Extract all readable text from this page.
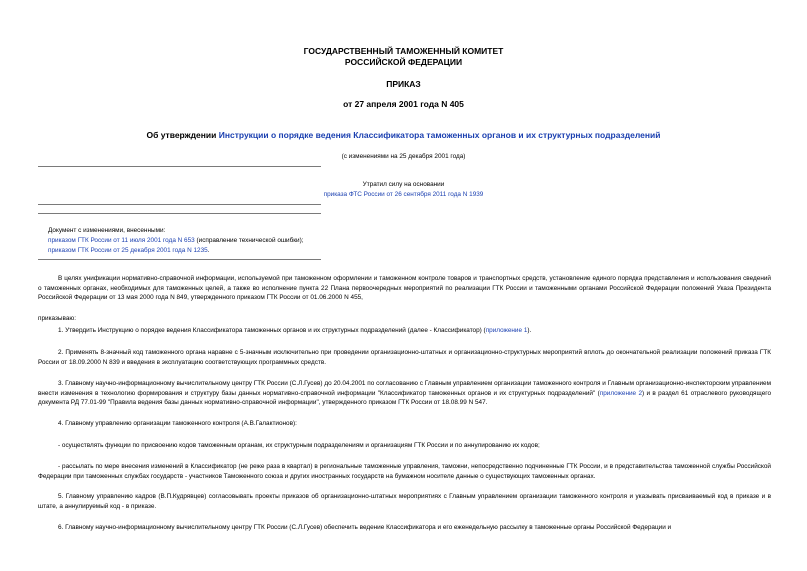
ГОСУДАРСТВЕННЫЙ ТАМОЖЕННЫЙ КОМИТЕТ
РОССИЙСКОЙ ФЕДЕРАЦИИ
ПРИКАЗ
от 27 апреля 2001 года N 405
Об утверждении Инструкции о порядке ведения Классификатора таможенных органов и их структурных подразделений
(с изменениями на 25 декабря 2001 года)
Утратил силу на основании
приказа ФТС России от 26 сентября 2011 года N 1939
Документ с изменениями, внесенными:
приказом ГТК России от 11 июля 2001 года N 653 (исправление технической ошибки);
приказом ГТК России от 25 декабря 2001 года N 1235.
В целях унификации нормативно-справочной информации, используемой при таможенном оформлении и таможенном контроле товаров и транспортных средств, установление единого порядка представления и использования сведений о таможенных органах, необходимых для таможенных целей, а также во исполнение пункта 22 Плана первоочередных мероприятий по реализации ГТК России и таможенными органами Российской Федерации положений Указа Президента Российской Федерации от 13 мая 2000 года N 849, утвержденного приказом ГТК России от 01.06.2000 N 455,
приказываю:
1. Утвердить Инструкцию о порядке ведения Классификатора таможенных органов и их структурных подразделений (далее - Классификатор) (приложение 1).
2. Применять 8-значный код таможенного органа наравне с 5-значным исключительно при проведении организационно-штатных и организационно-структурных мероприятий вплоть до окончательной реализации положений приказа ГТК России от 18.09.2000 N 839 и введения в эксплуатацию соответствующих программных средств.
3. Главному научно-информационному вычислительному центру ГТК России (С.Л.Гусев) до 20.04.2001 по согласованию с Главным управлением организации таможенного контроля и Главным организационно-инспекторским управлением внести изменения в технологию формирования и структуру базы данных нормативно-справочной информации "Классификатор таможенных органов и их структурных подразделений" (приложение 2) и в раздел 61 отраслевого руководящего документа РД 77.01-99 "Правила ведения базы данных нормативно-справочной информации", утвержденного приказом ГТК России от 18.08.99 N 547.
4. Главному управлению организации таможенного контроля (А.В.Галактионов):
- осуществлять функции по присвоению кодов таможенным органам, их структурным подразделениям и организациям ГТК России и по аннулированию их кодов;
- рассылать по мере внесения изменений в Классификатор (не реже раза в квартал) в региональные таможенные управления, таможни, непосредственно подчиненные ГТК России, и в представительства таможенной службы Российской Федерации при таможенных службах государств - участников Таможенного союза и других иностранных государств на бумажном носителе данные о существующих таможенных органах.
5. Главному управлению кадров (В.П.Кудрявцев) согласовывать проекты приказов об организационно-штатных мероприятиях с Главным управлением организации таможенного контроля и указывать присваиваемый код в приказе и в штате, а аннулируемый код - в приказе.
6. Главному научно-информационному вычислительному центру ГТК России (С.Л.Гусев) обеспечить ведение Классификатора и его еженедельную рассылку в таможенные органы Российской Федерации и
